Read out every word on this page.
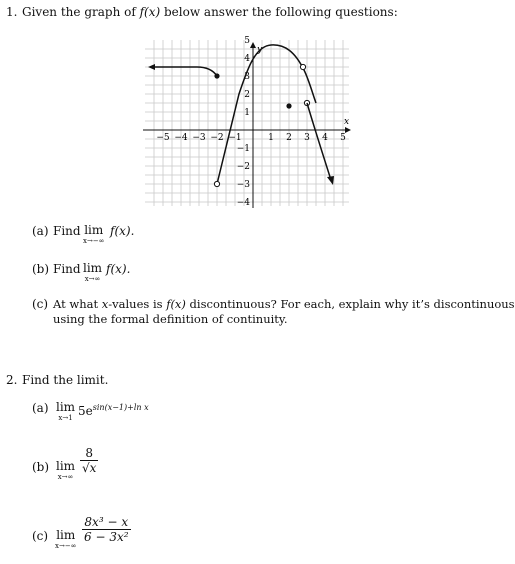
1. Given the graph of f(x) below answer the following questions:
x
y
−5 −4 −3 −2 −1	1 2 3 4 5
5
4
3
2
1
−1
−2
−3
−4
(a) Find lim
x→−∞
f(x).
(b) Find lim
x→∞
f(x).
(c) At what x-values is f(x) discontinuous? For each, explain why it’s discontinuous
using the formal definition of continuity.
2. Find the limit.
(a) lim
x→1 $5e^{sin(x-1)+ln x}$
(b) lim
x→∞
$\frac{8}{√x}$
(c) lim
x→−∞
$\frac{\text{8x³ − x}}{\text{6 − 3x²}}$
